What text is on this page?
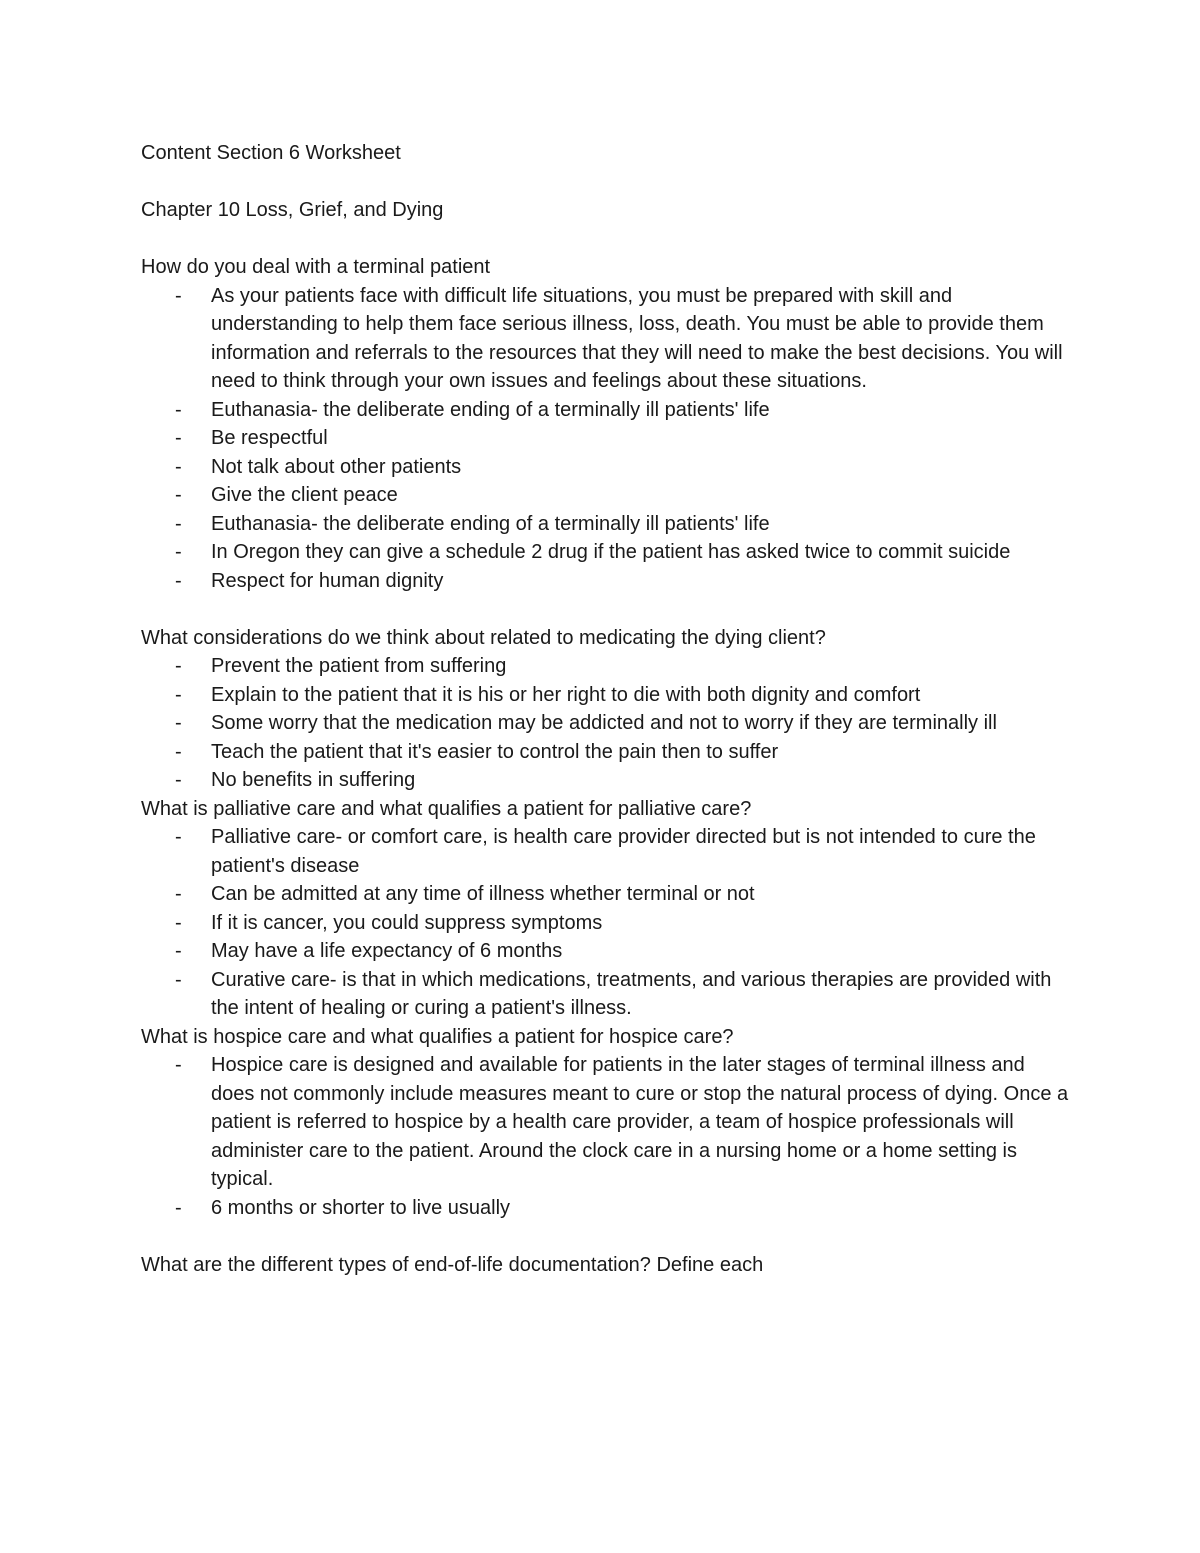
Content Section 6 Worksheet

Chapter 10 Loss, Grief, and Dying

How do you deal with a terminal patient

- As your patients face with difficult life situations, you must be prepared with skill and understanding to help them face serious illness, loss, death. You must be able to provide them information and referrals to the resources that they will need to make the best decisions. You will need to think through your own issues and feelings about these situations.
- Euthanasia- the deliberate ending of a terminally ill patients' life
- Be respectful
- Not talk about other patients
- Give the client peace
- Euthanasia- the deliberate ending of a terminally ill patients' life
- In Oregon they can give a schedule 2 drug if the patient has asked twice to commit suicide
- Respect for human dignity

What considerations do we think about related to medicating the dying client?

- Prevent the patient from suffering
- Explain to the patient that it is his or her right to die with both dignity and comfort
- Some worry that the medication may be addicted and not to worry if they are terminally ill
- Teach the patient that it's easier to control the pain then to suffer
- No benefits in suffering

What is palliative care and what qualifies a patient for palliative care?

- Palliative care- or comfort care, is health care provider directed but is not intended to cure the patient's disease
- Can be admitted at any time of illness whether terminal or not
- If it is cancer, you could suppress symptoms
- May have a life expectancy of 6 months
- Curative care- is that in which medications, treatments, and various therapies are provided with the intent of healing or curing a patient's illness.

What is hospice care and what qualifies a patient for hospice care?

- Hospice care is designed and available for patients in the later stages of terminal illness and does not commonly include measures meant to cure or stop the natural process of dying. Once a patient is referred to hospice by a health care provider, a team of hospice professionals will administer care to the patient. Around the clock care in a nursing home or a home setting is typical.
- 6 months or shorter to live usually

What are the different types of end-of-life documentation? Define each
